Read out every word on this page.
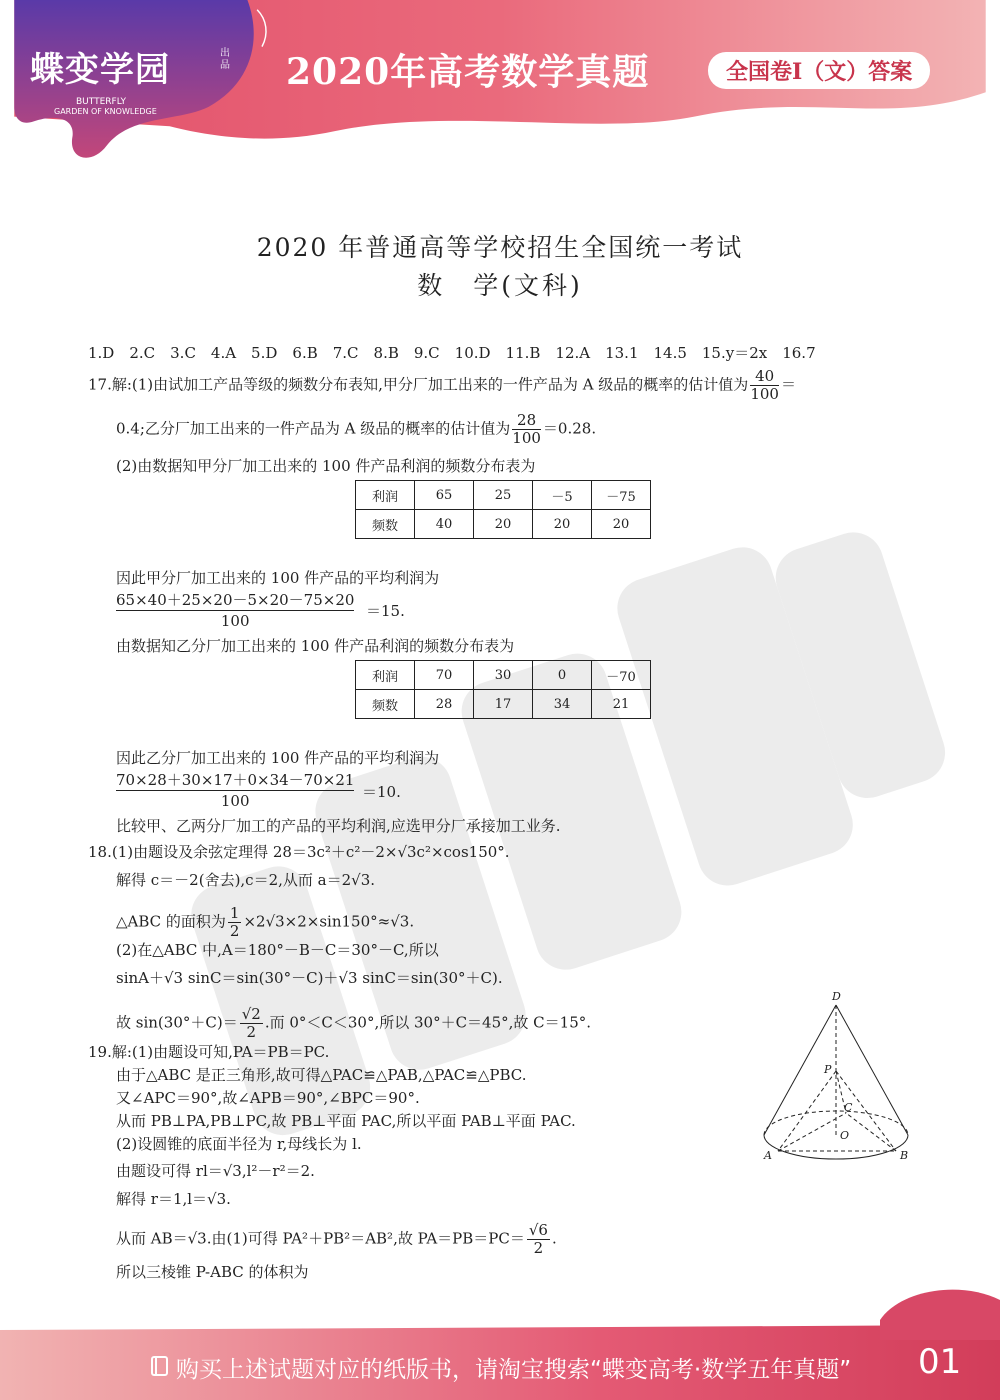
蝶变学园	出品
BUTTERFLY
GARDEN OF KNOWLEDGE
2020年高考数学真题	全国卷Ⅰ（文）答案
2020 年普通高等学校招生全国统一考试
数　学(文科)
1.D　2.C　3.C　4.A　5.D　6.B　7.C　8.B　9.C　10.D　11.B　12.A　13.1　14.5　15.y＝2x　16.7
17.解:(1)由试加工产品等级的频数分布表知,甲分厂加工出来的一件产品为 A 级品的概率的估计值为 $\frac{40}{100}$ ＝
0.4;乙分厂加工出来的一件产品为 A 级品的概率的估计值为 $\frac{28}{100} =0.28$.
(2)由数据知甲分厂加工出来的 100 件产品利润的频数分布表为
利润	65	25	－5	－75
频数	40	20	20	20
因此甲分厂加工出来的 100 件产品的平均利润为
$\frac{65\times 40+25\times 20-5\times 20-75\times 20}{100} =15$.
由数据知乙分厂加工出来的 100 件产品利润的频数分布表为
利润	70	30	0	－70
频数	28	17	34	21
因此乙分厂加工出来的 100 件产品的平均利润为
$\frac{70\times 28+30\times 17+0\times 34-70\times 21}{100} =10$.
比较甲、乙两分厂加工的产品的平均利润,应选甲分厂承接加工业务.
18.(1)由题设及余弦定理得 28＝3c²＋c²－2×√3c²×cos150°.
解得 c＝－2(舍去),c＝2,从而 a＝2√3.
△ABC 的面积为 $\frac{1}{2} \times 2√3\times 2\times\sin 150^\circ\approx√3$.
(2)在△ABC 中,A＝180°－B－C＝30°－C,所以
sinA＋√3 sinC＝sin(30°－C)＋√3 sinC＝sin(30°＋C).
故 $\sin(30^\circ+C)= \frac{√2}{2}$ .而 0°＜C＜30°,所以 30°＋C＝45°,故 C＝15°.
19.解:(1)由题设可知,PA＝PB＝PC.
由于△ABC 是正三角形,故可得△PAC≌△PAB,△PAC≌△PBC.
又∠APC＝90°,故∠APB＝90°,∠BPC＝90°.
从而 PB⊥PA,PB⊥PC,故 PB⊥平面 PAC,所以平面 PAB⊥平面 PAC.
(2)设圆锥的底面半径为 r,母线长为 l.
由题设可得 rl＝√3,l²－r²＝2.
解得 r＝1,l＝√3.
从而 AB＝√3.由(1)可得 PA²＋PB²＝AB²,故 $PA=PB=PC= \frac{√6}{2}$ .
所以三棱锥 P-ABC 的体积为
D
P
C
O
A	B
购买上述试题对应的纸版书，请淘宝搜索“蝶变高考·数学五年真题” 01
